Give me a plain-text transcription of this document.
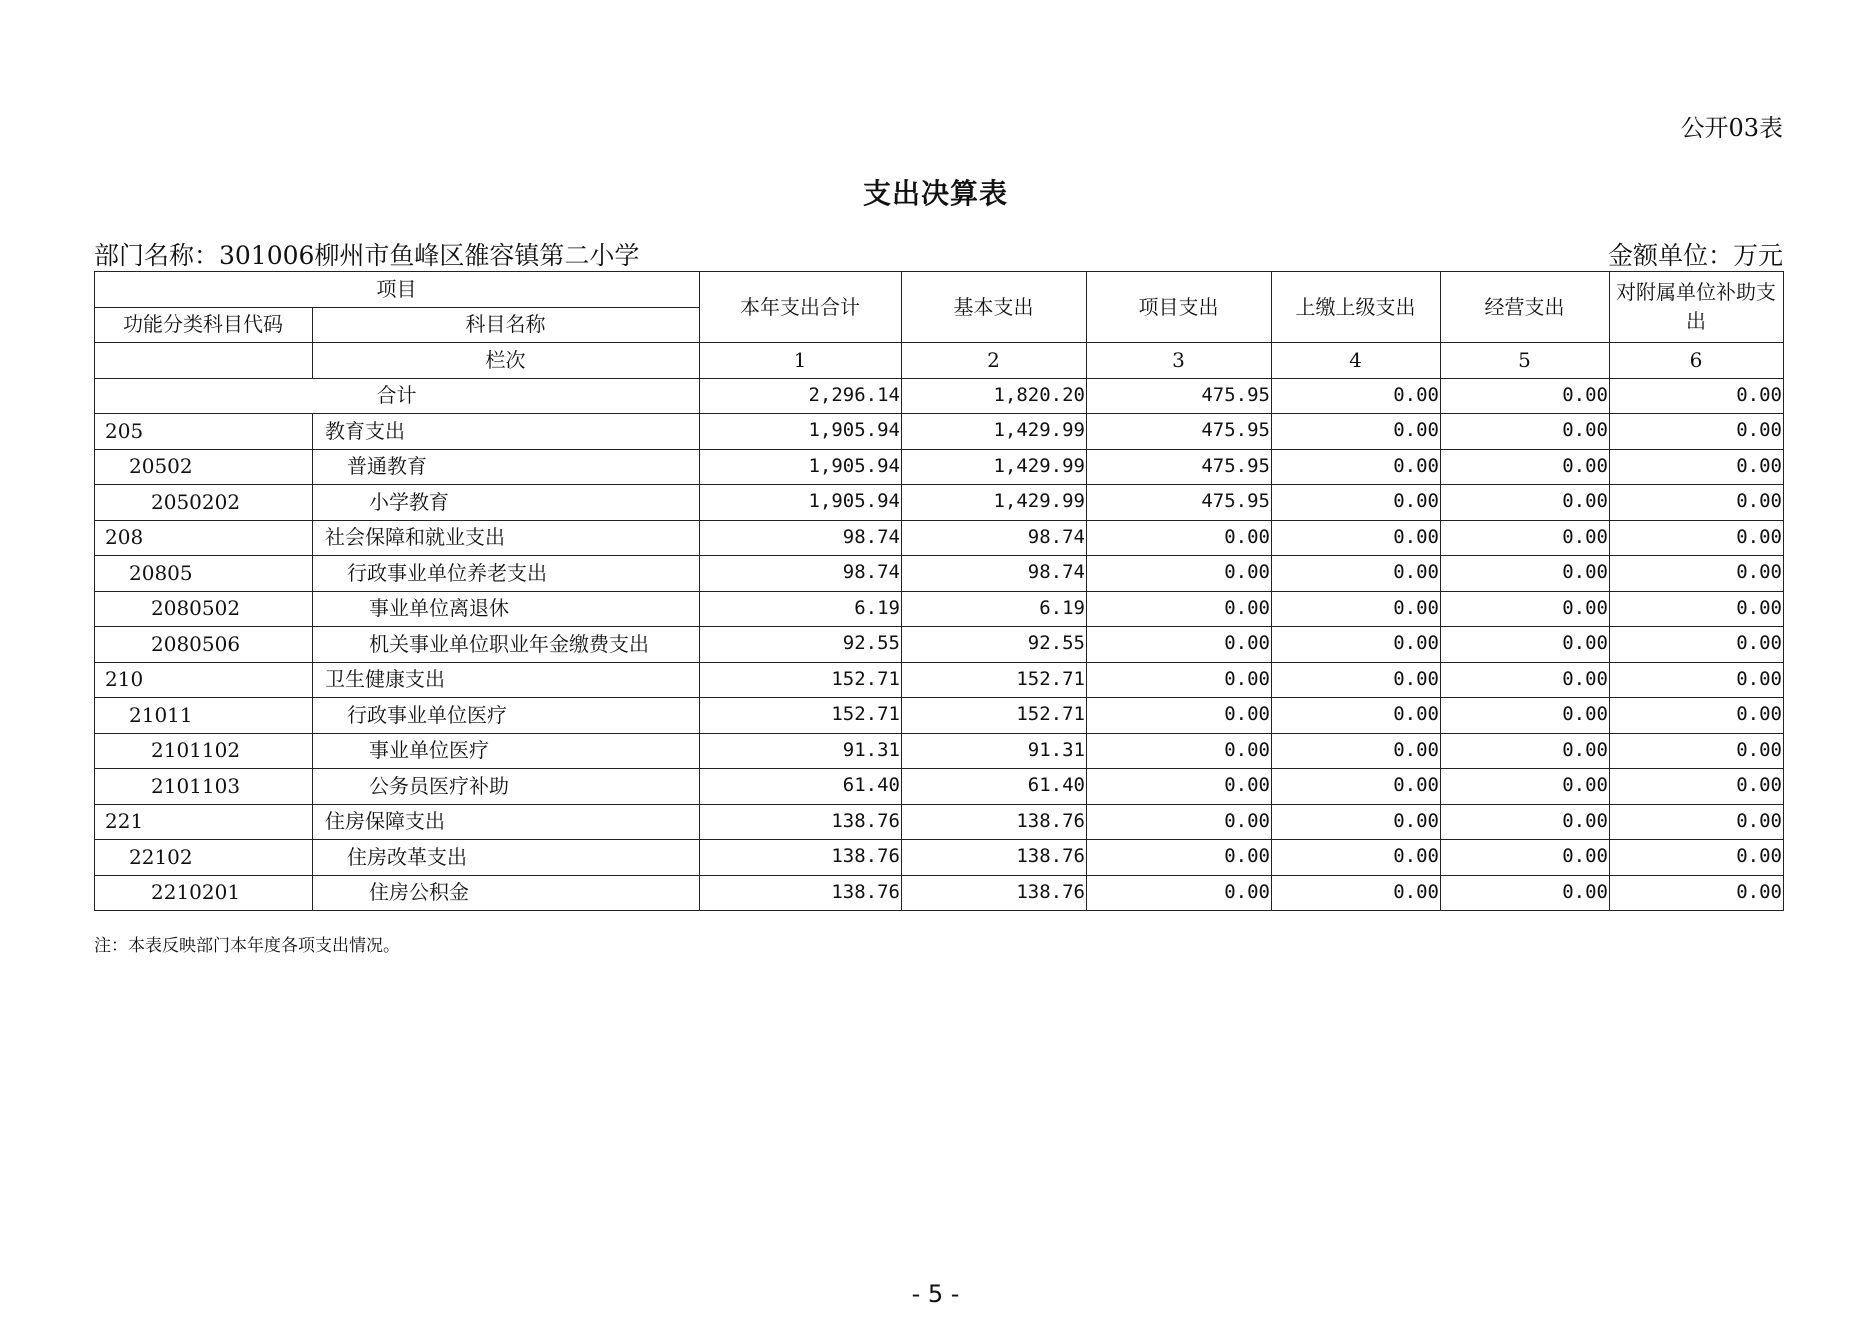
公开03表
支出决算表
部门名称：301006柳州市鱼峰区雒容镇第二小学	金额单位：万元
项目		本年支出合计	基本支出	项目支出	上缴上级支出	经营支出	对附属单位补助支出
功能分类科目代码	科目名称						
	栏次	1	2	3	4	5	6
合计		2,296.14	1,820.20	475.95	0.00	0.00	0.00
205	教育支出	1,905.94	1,429.99	475.95	0.00	0.00	0.00
20502	普通教育	1,905.94	1,429.99	475.95	0.00	0.00	0.00
2050202	小学教育	1,905.94	1,429.99	475.95	0.00	0.00	0.00
208	社会保障和就业支出	98.74	98.74	0.00	0.00	0.00	0.00
20805	行政事业单位养老支出	98.74	98.74	0.00	0.00	0.00	0.00
2080502	事业单位离退休	6.19	6.19	0.00	0.00	0.00	0.00
2080506	机关事业单位职业年金缴费支出	92.55	92.55	0.00	0.00	0.00	0.00
210	卫生健康支出	152.71	152.71	0.00	0.00	0.00	0.00
21011	行政事业单位医疗	152.71	152.71	0.00	0.00	0.00	0.00
2101102	事业单位医疗	91.31	91.31	0.00	0.00	0.00	0.00
2101103	公务员医疗补助	61.40	61.40	0.00	0.00	0.00	0.00
221	住房保障支出	138.76	138.76	0.00	0.00	0.00	0.00
22102	住房改革支出	138.76	138.76	0.00	0.00	0.00	0.00
2210201	住房公积金	138.76	138.76	0.00	0.00	0.00	0.00
注：本表反映部门本年度各项支出情况。
- 5 -
